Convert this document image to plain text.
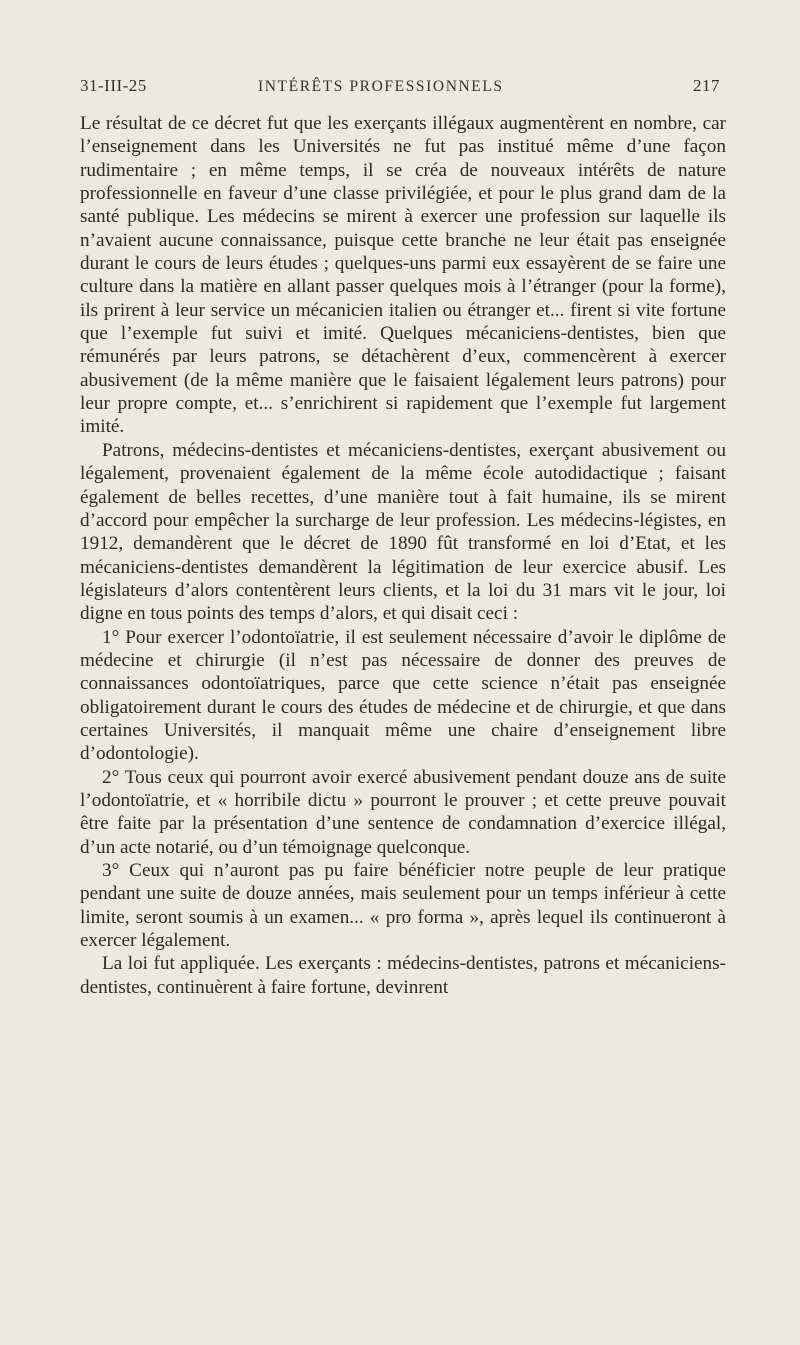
31-III-25	INTÉRÊTS PROFESSIONNELS	217

Le résultat de ce décret fut que les exerçants illégaux augmentèrent en nombre, car l’enseignement dans les Universités ne fut pas institué même d’une façon rudimentaire ; en même temps, il se créa de nouveaux intérêts de nature professionnelle en faveur d’une classe privilégiée, et pour le plus grand dam de la santé publique. Les médecins se mirent à exercer une profession sur laquelle ils n’avaient aucune connaissance, puisque cette branche ne leur était pas enseignée durant le cours de leurs études ; quelques-uns parmi eux essayèrent de se faire une culture dans la matière en allant passer quelques mois à l’étranger (pour la forme), ils prirent à leur service un mécanicien italien ou étranger et... firent si vite fortune que l’exemple fut suivi et imité. Quelques mécaniciens-dentistes, bien que rémunérés par leurs patrons, se détachèrent d’eux, commencèrent à exercer abusivement (de la même manière que le faisaient légalement leurs patrons) pour leur propre compte, et... s’enrichirent si rapidement que l’exemple fut largement imité.

Patrons, médecins-dentistes et mécaniciens-dentistes, exerçant abusivement ou légalement, provenaient également de la même école autodidactique ; faisant également de belles recettes, d’une manière tout à fait humaine, ils se mirent d’accord pour empêcher la surcharge de leur profession. Les médecins-légistes, en 1912, demandèrent que le décret de 1890 fût transformé en loi d’Etat, et les mécaniciens-dentistes demandèrent la légitimation de leur exercice abusif. Les législateurs d’alors contentèrent leurs clients, et la loi du 31 mars vit le jour, loi digne en tous points des temps d’alors, et qui disait ceci :

1° Pour exercer l’odontoïatrie, il est seulement nécessaire d’avoir le diplôme de médecine et chirurgie (il n’est pas nécessaire de donner des preuves de connaissances odontoïatriques, parce que cette science n’était pas enseignée obligatoirement durant le cours des études de médecine et de chirurgie, et que dans certaines Universités, il manquait même une chaire d’enseignement libre d’odontologie).

2° Tous ceux qui pourront avoir exercé abusivement pendant douze ans de suite l’odontoïatrie, et « horribile dictu » pourront le prouver ; et cette preuve pouvait être faite par la présentation d’une sentence de condamnation d’exercice illégal, d’un acte notarié, ou d’un témoignage quelconque.

3° Ceux qui n’auront pas pu faire bénéficier notre peuple de leur pratique pendant une suite de douze années, mais seulement pour un temps inférieur à cette limite, seront soumis à un examen... « pro forma », après lequel ils continueront à exercer légalement.

La loi fut appliquée. Les exerçants : médecins-dentistes, patrons et mécaniciens-dentistes, continuèrent à faire fortune, devinrent
